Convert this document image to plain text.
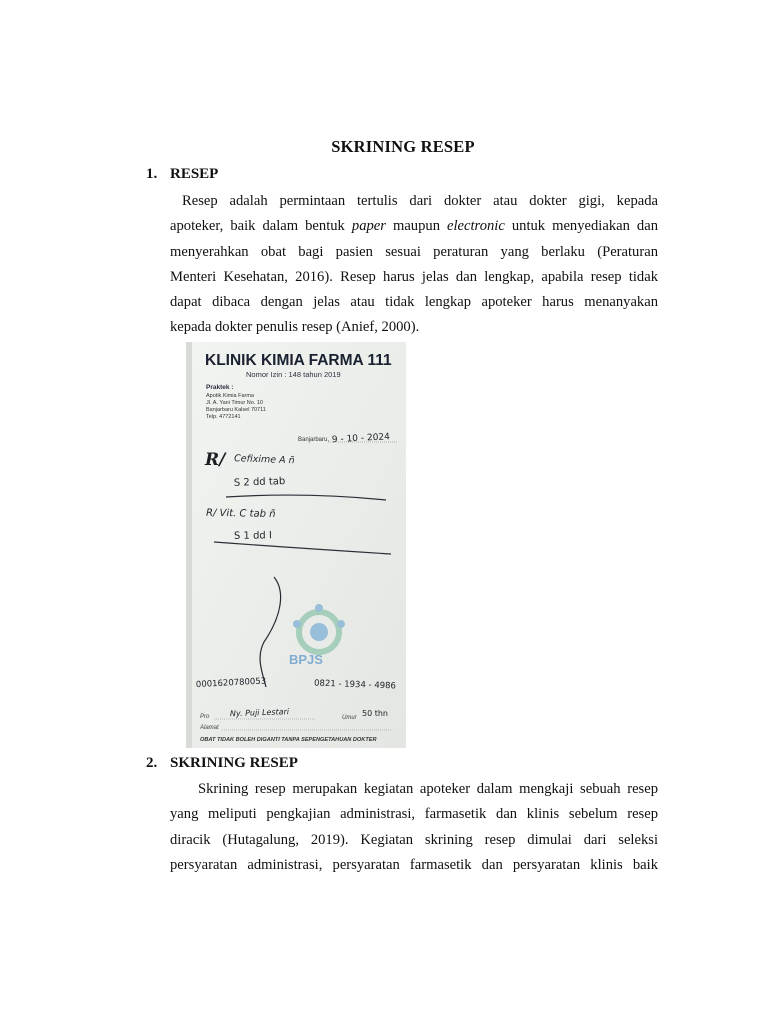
SKRINING RESEP
1. RESEP
Resep adalah permintaan tertulis dari dokter atau dokter gigi, kepada
apoteker, baik dalam bentuk paper maupun electronic untuk menyediakan dan
menyerahkan obat bagi pasien sesuai peraturan yang berlaku (Peraturan
Menteri Kesehatan, 2016). Resep harus jelas dan lengkap, apabila resep tidak
dapat dibaca dengan jelas atau tidak lengkap apoteker harus menanyakan
kepada dokter penulis resep (Anief, 2000).
KLINIK KIMIA FARMA 111
Nomor Izin : 148 tahun 2019
Praktek :
Apotik Kimia Farma
Jl. A. Yani Timur No. 10
Banjarbaru Kalsel 70711
Telp. 4772141
Banjarbaru, 9 - 10 - 2024
R/ Cefixime A ñ
S 2 dd tab
R/ Vit. C tab ñ
S 1 dd I
BPJS
0001620780053	0821 - 1934 - 4986
Pro	Ny. Puji Lestari	Umur 50 thn
Alamat
OBAT TIDAK BOLEH DIGANTI TANPA SEPENGETAHUAN DOKTER
2. SKRINING RESEP
Skrining resep merupakan kegiatan apoteker dalam mengkaji sebuah resep
yang meliputi pengkajian administrasi, farmasetik dan klinis sebelum resep
diracik (Hutagalung, 2019). Kegiatan skrining resep dimulai dari seleksi
persyaratan administrasi, persyaratan farmasetik dan persyaratan klinis baik
